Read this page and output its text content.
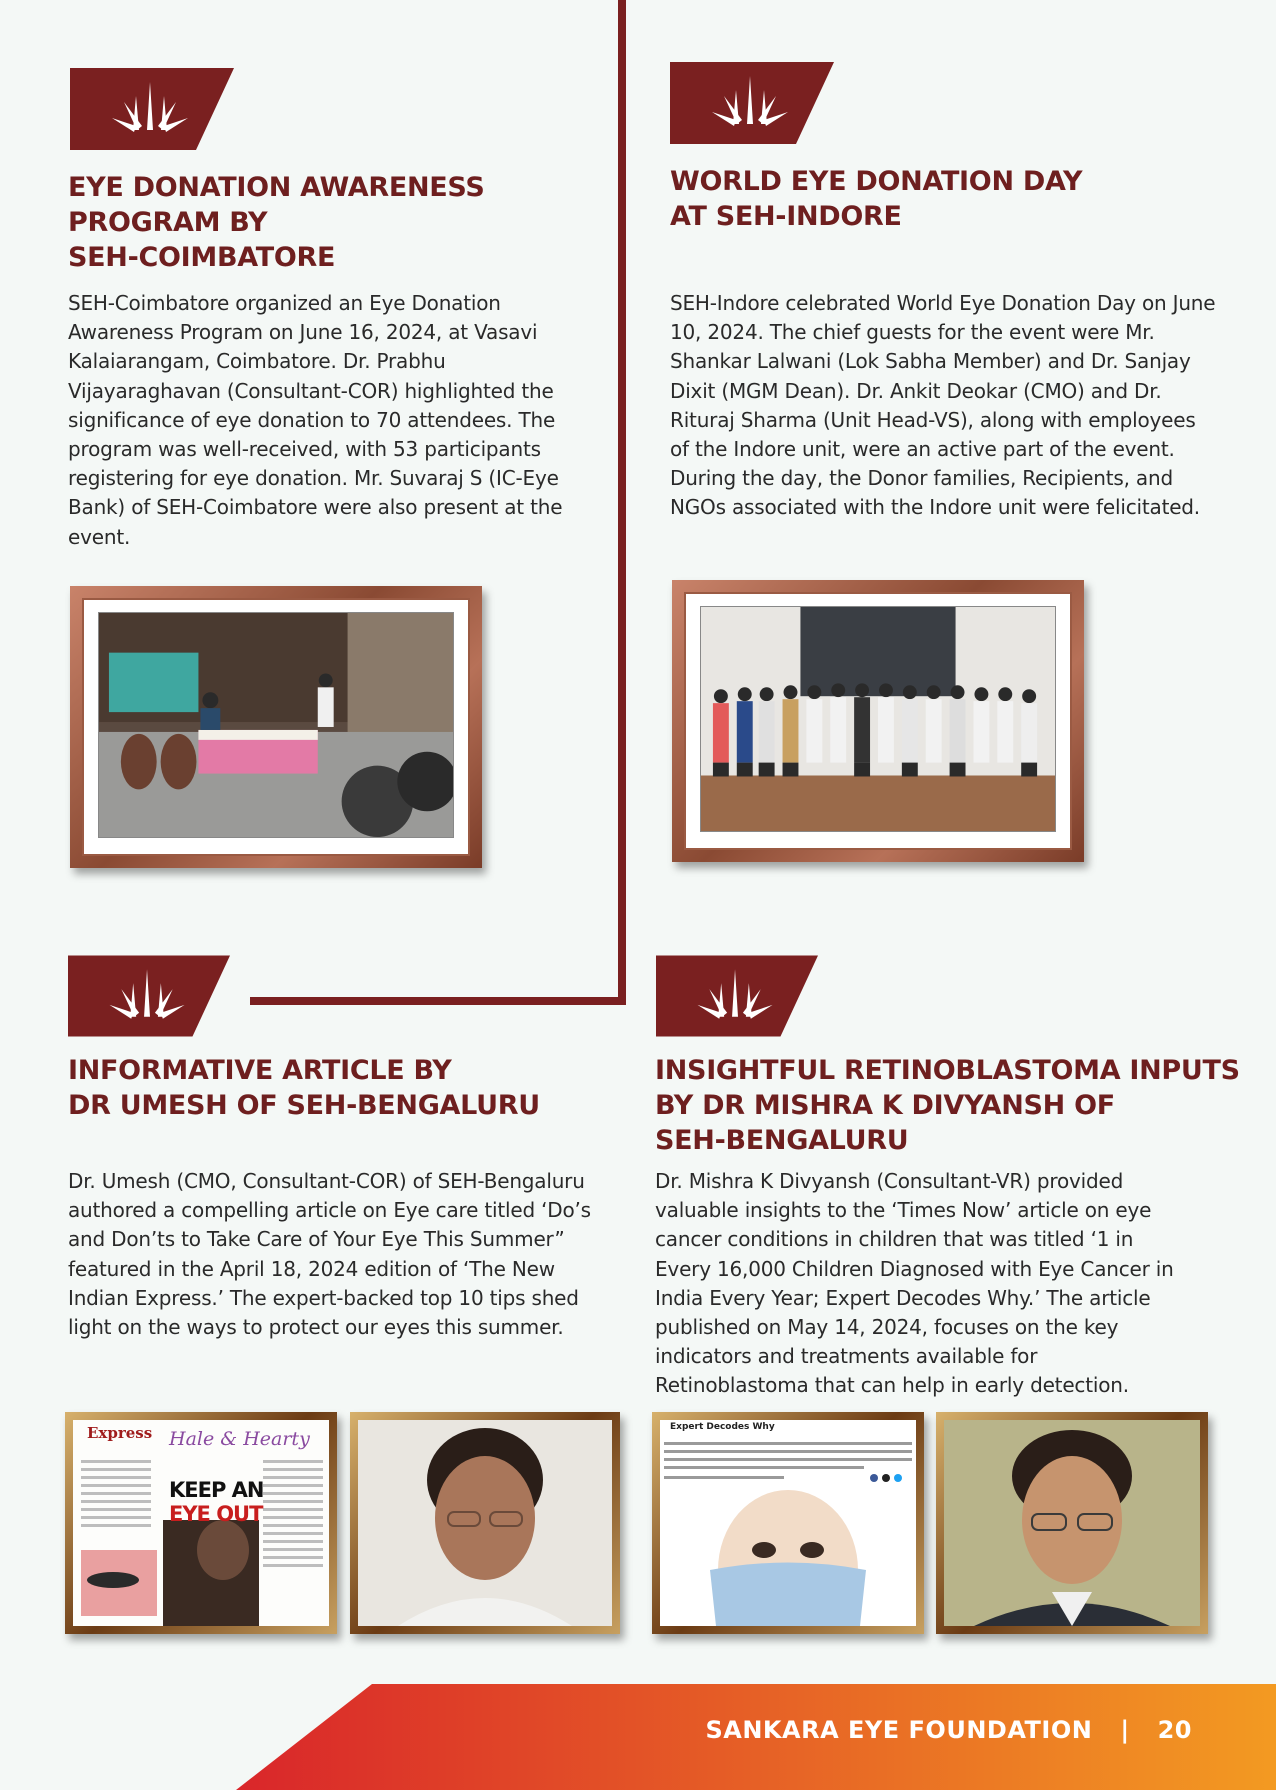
EYE DONATION AWARENESS
PROGRAM BY
SEH-COIMBATORE

SEH-Coimbatore organized an Eye Donation Awareness Program on June 16, 2024, at Vasavi Kalaiarangam, Coimbatore. Dr. Prabhu Vijayaraghavan (Consultant-COR) highlighted the significance of eye donation to 70 attendees. The program was well-received, with 53 participants registering for eye donation. Mr. Suvaraj S (IC-Eye Bank) of SEH-Coimbatore were also present at the event.

WORLD EYE DONATION DAY
AT SEH-INDORE

SEH-Indore celebrated World Eye Donation Day on June 10, 2024. The chief guests for the event were Mr. Shankar Lalwani (Lok Sabha Member) and Dr. Sanjay Dixit (MGM Dean). Dr. Ankit Deokar (CMO) and Dr. Rituraj Sharma (Unit Head-VS), along with employees of the Indore unit, were an active part of the event. During the day, the Donor families, Recipients, and NGOs associated with the Indore unit were felicitated.

INFORMATIVE ARTICLE BY
DR UMESH OF SEH-BENGALURU

Dr. Umesh (CMO, Consultant-COR) of SEH-Bengaluru authored a compelling article on Eye care titled ‘Do’s and Don’ts to Take Care of Your Eye This Summer” featured in the April 18, 2024 edition of ‘The New Indian Express.’ The expert-backed top 10 tips shed light on the ways to protect our eyes this summer.

Express Hale & Hearty
KEEP AN
EYE OUT
INSIGHTFUL RETINOBLASTOMA INPUTS
BY DR MISHRA K DIVYANSH OF
SEH-BENGALURU

Dr. Mishra K Divyansh (Consultant-VR) provided valuable insights to the ‘Times Now’ article on eye cancer conditions in children that was titled ‘1 in Every 16,000 Children Diagnosed with Eye Cancer in India Every Year; Expert Decodes Why.’ The article published on May 14, 2024, focuses on the key indicators and treatments available for Retinoblastoma that can help in early detection.

Expert Decodes Why
SANKARA EYE FOUNDATION | 20
